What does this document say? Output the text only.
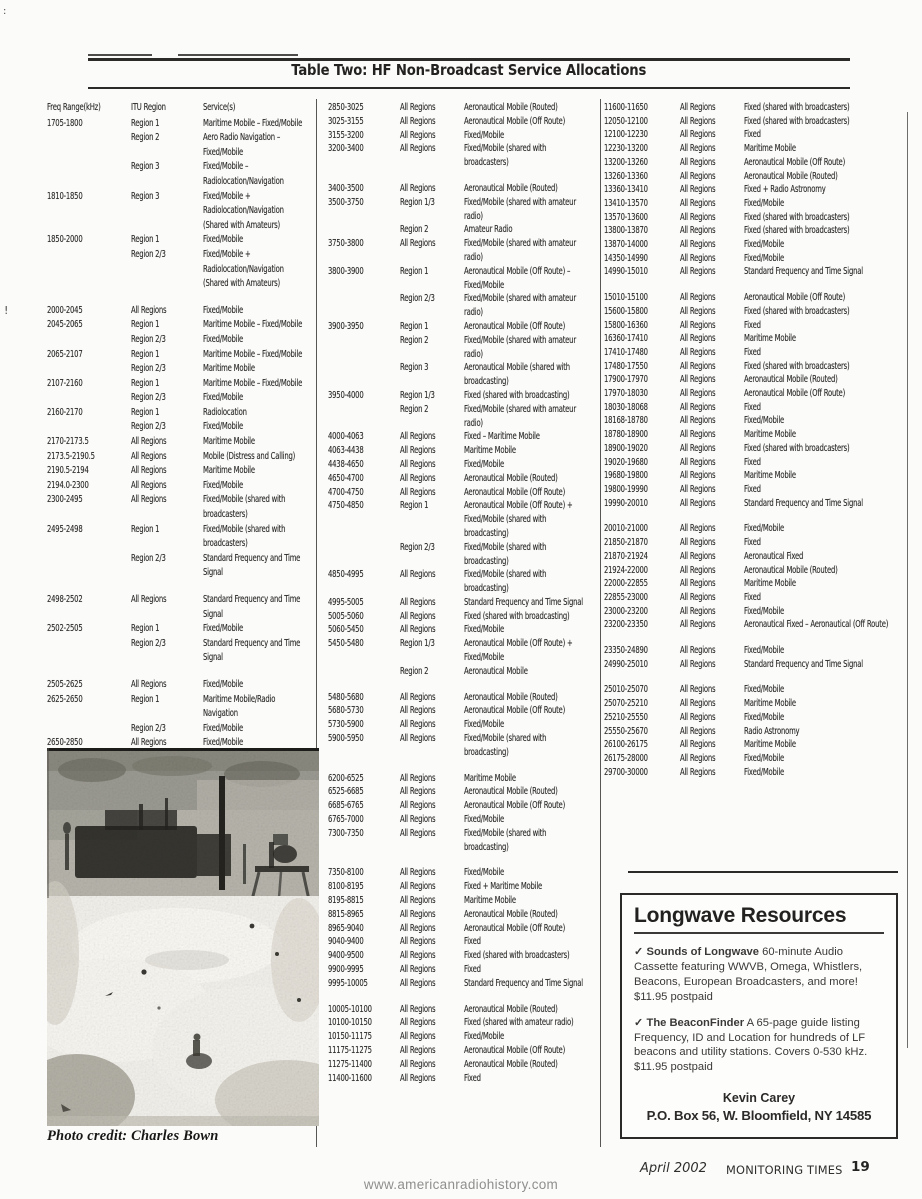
:
!
Table Two: HF Non-Broadcast Service Allocations
Freq Range(kHz)	ITU Region	Service(s)
1705-1800	Region 1	Maritime Mobile – Fixed/Mobile
Region 2	Aero Radio Navigation – Fixed/Mobile
Region 3	Fixed/Mobile – Radiolocation/Navigation
1810-1850	Region 3	Fixed/Mobile + Radiolocation/Navigation (Shared with Amateurs)
1850-2000	Region 1	Fixed/Mobile
Region 2/3	Fixed/Mobile + Radiolocation/Navigation (Shared with Amateurs)
2000-2045	All Regions	Fixed/Mobile
2045-2065	Region 1	Maritime Mobile – Fixed/Mobile
Region 2/3	Fixed/Mobile
2065-2107	Region 1	Maritime Mobile – Fixed/Mobile
Region 2/3	Maritime Mobile
2107-2160	Region 1	Maritime Mobile – Fixed/Mobile
Region 2/3	Fixed/Mobile
2160-2170	Region 1	Radiolocation
Region 2/3	Fixed/Mobile
2170-2173.5	All Regions	Maritime Mobile
2173.5-2190.5	All Regions	Mobile (Distress and Calling)
2190.5-2194	All Regions	Maritime Mobile
2194.0-2300	All Regions	Fixed/Mobile
2300-2495	All Regions	Fixed/Mobile (shared with broadcasters)
2495-2498	Region 1	Fixed/Mobile (shared with broadcasters)
Region 2/3	Standard Frequency and Time Signal
2498-2502	All Regions	Standard Frequency and Time Signal
2502-2505	Region 1	Fixed/Mobile
Region 2/3	Standard Frequency and Time Signal
2505-2625	All Regions	Fixed/Mobile
2625-2650	Region 1	Maritime Mobile/Radio Navigation
Region 2/3	Fixed/Mobile
2650-2850	All Regions	Fixed/Mobile
2850-3025	All Regions	Aeronautical Mobile (Routed)
3025-3155	All Regions	Aeronautical Mobile (Off Route)
3155-3200	All Regions	Fixed/Mobile
3200-3400	All Regions	Fixed/Mobile (shared with broadcasters)
3400-3500	All Regions	Aeronautical Mobile (Routed)
3500-3750	Region 1/3	Fixed/Mobile (shared with amateur radio)
Region 2	Amateur Radio
3750-3800	All Regions	Fixed/Mobile (shared with amateur radio)
3800-3900	Region 1	Aeronautical Mobile (Off Route) – Fixed/Mobile
Region 2/3	Fixed/Mobile (shared with amateur radio)
3900-3950	Region 1	Aeronautical Mobile (Off Route)
Region 2	Fixed/Mobile (shared with amateur radio)
Region 3	Aeronautical Mobile (shared with broadcasting)
3950-4000	Region 1/3	Fixed (shared with broadcasting)
Region 2	Fixed/Mobile (shared with amateur radio)
4000-4063	All Regions	Fixed – Maritime Mobile
4063-4438	All Regions	Maritime Mobile
4438-4650	All Regions	Fixed/Mobile
4650-4700	All Regions	Aeronautical Mobile (Routed)
4700-4750	All Regions	Aeronautical Mobile (Off Route)
4750-4850	Region 1	Aeronautical Mobile (Off Route) + Fixed/Mobile (shared with broadcasting)
Region 2/3	Fixed/Mobile (shared with broadcasting)
4850-4995	All Regions	Fixed/Mobile (shared with broadcasting)
4995-5005	All Regions	Standard Frequency and Time Signal
5005-5060	All Regions	Fixed (shared with broadcasting)
5060-5450	All Regions	Fixed/Mobile
5450-5480	Region 1/3	Aeronautical Mobile (Off Route) + Fixed/Mobile
Region 2	Aeronautical Mobile
5480-5680	All Regions	Aeronautical Mobile (Routed)
5680-5730	All Regions	Aeronautical Mobile (Off Route)
5730-5900	All Regions	Fixed/Mobile
5900-5950	All Regions	Fixed/Mobile (shared with broadcasting)
6200-6525	All Regions	Maritime Mobile
6525-6685	All Regions	Aeronautical Mobile (Routed)
6685-6765	All Regions	Aeronautical Mobile (Off Route)
6765-7000	All Regions	Fixed/Mobile
7300-7350	All Regions	Fixed/Mobile (shared with broadcasting)
7350-8100	All Regions	Fixed/Mobile
8100-8195	All Regions	Fixed + Maritime Mobile
8195-8815	All Regions	Maritime Mobile
8815-8965	All Regions	Aeronautical Mobile (Routed)
8965-9040	All Regions	Aeronautical Mobile (Off Route)
9040-9400	All Regions	Fixed
9400-9500	All Regions	Fixed (shared with broadcasters)
9900-9995	All Regions	Fixed
9995-10005	All Regions	Standard Frequency and Time Signal
10005-10100	All Regions	Aeronautical Mobile (Routed)
10100-10150	All Regions	Fixed (shared with amateur radio)
10150-11175	All Regions	Fixed/Mobile
11175-11275	All Regions	Aeronautical Mobile (Off Route)
11275-11400	All Regions	Aeronautical Mobile (Routed)
11400-11600	All Regions	Fixed
11600-11650	All Regions	Fixed (shared with broadcasters)
12050-12100	All Regions	Fixed (shared with broadcasters)
12100-12230	All Regions	Fixed
12230-13200	All Regions	Maritime Mobile
13200-13260	All Regions	Aeronautical Mobile (Off Route)
13260-13360	All Regions	Aeronautical Mobile (Routed)
13360-13410	All Regions	Fixed + Radio Astronomy
13410-13570	All Regions	Fixed/Mobile
13570-13600	All Regions	Fixed (shared with broadcasters)
13800-13870	All Regions	Fixed (shared with broadcasters)
13870-14000	All Regions	Fixed/Mobile
14350-14990	All Regions	Fixed/Mobile
14990-15010	All Regions	Standard Frequency and Time Signal
15010-15100	All Regions	Aeronautical Mobile (Off Route)
15600-15800	All Regions	Fixed (shared with broadcasters)
15800-16360	All Regions	Fixed
16360-17410	All Regions	Maritime Mobile
17410-17480	All Regions	Fixed
17480-17550	All Regions	Fixed (shared with broadcasters)
17900-17970	All Regions	Aeronautical Mobile (Routed)
17970-18030	All Regions	Aeronautical Mobile (Off Route)
18030-18068	All Regions	Fixed
18168-18780	All Regions	Fixed/Mobile
18780-18900	All Regions	Maritime Mobile
18900-19020	All Regions	Fixed (shared with broadcasters)
19020-19680	All Regions	Fixed
19680-19800	All Regions	Maritime Mobile
19800-19990	All Regions	Fixed
19990-20010	All Regions	Standard Frequency and Time Signal
20010-21000	All Regions	Fixed/Mobile
21850-21870	All Regions	Fixed
21870-21924	All Regions	Aeronautical Fixed
21924-22000	All Regions	Aeronautical Mobile (Routed)
22000-22855	All Regions	Maritime Mobile
22855-23000	All Regions	Fixed
23000-23200	All Regions	Fixed/Mobile
23200-23350	All Regions	Aeronautical Fixed – Aeronautical (Off Route)
23350-24890	All Regions	Fixed/Mobile
24990-25010	All Regions	Standard Frequency and Time Signal
25010-25070	All Regions	Fixed/Mobile
25070-25210	All Regions	Maritime Mobile
25210-25550	All Regions	Fixed/Mobile
25550-25670	All Regions	Radio Astronomy
26100-26175	All Regions	Maritime Mobile
26175-28000	All Regions	Fixed/Mobile
29700-30000	All Regions	Fixed/Mobile
Photo credit: Charles Bown
Longwave Resources

✓ Sounds of Longwave 60-minute Audio Cassette featuring WWVB, Omega, Whistlers, Beacons, European Broadcasters, and more! $11.95 postpaid

✓ The BeaconFinder A 65-page guide listing Frequency, ID and Location for hundreds of LF beacons and utility stations. Covers 0-530 kHz. $11.95 postpaid

Kevin Carey
P.O. Box 56, W. Bloomfield, NY 14585
April 2002 MONITORING TIMES 19
www.americanradiohistory.com
